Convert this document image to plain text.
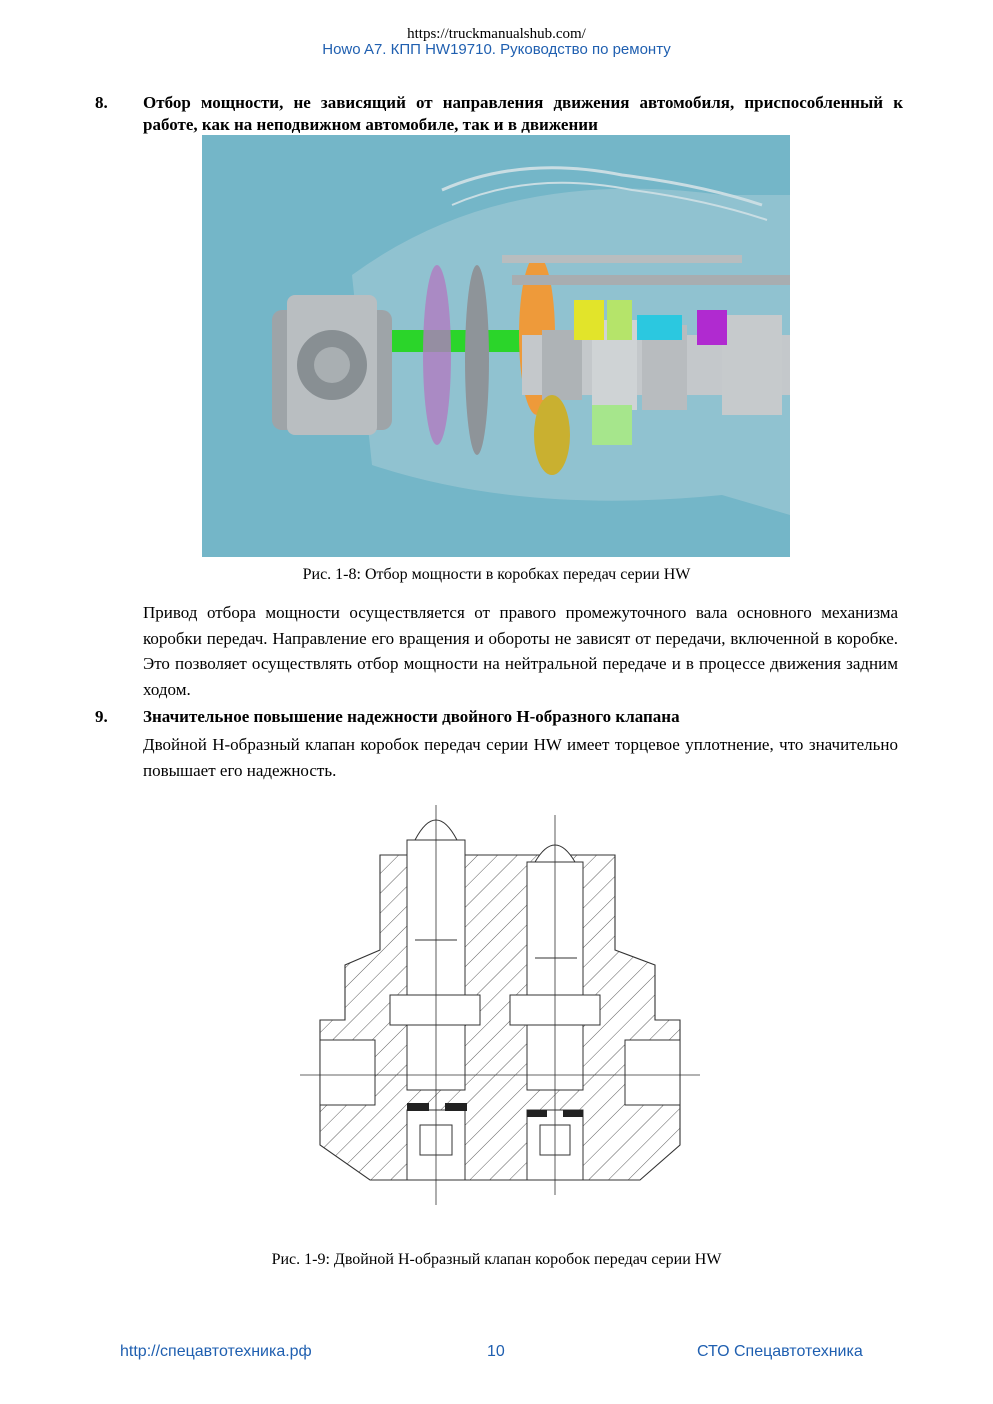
https://truckmanualshub.com/
Howo A7. КПП HW19710. Руководство по ремонту
8. Отбор мощности, не зависящий от направления движения автомобиля, приспособленный к работе, как на неподвижном автомобиле, так и в движении
Рис. 1-8: Отбор мощности в коробках передач серии HW
Привод отбора мощности осуществляется от правого промежуточного вала основного механизма коробки передач. Направление его вращения и обороты не зависят от передачи, включенной в коробке. Это позволяет осуществлять отбор мощности на нейтральной передаче и в процессе движения задним ходом.
9. Значительное повышение надежности двойного Н-образного клапана
Двойной Н-образный клапан коробок передач серии HW имеет торцевое уплотнение, что значительно повышает его надежность.
Рис. 1-9: Двойной Н-образный клапан коробок передач серии HW
http://спецавтотехника.рф	10	СТО Спецавтотехника
